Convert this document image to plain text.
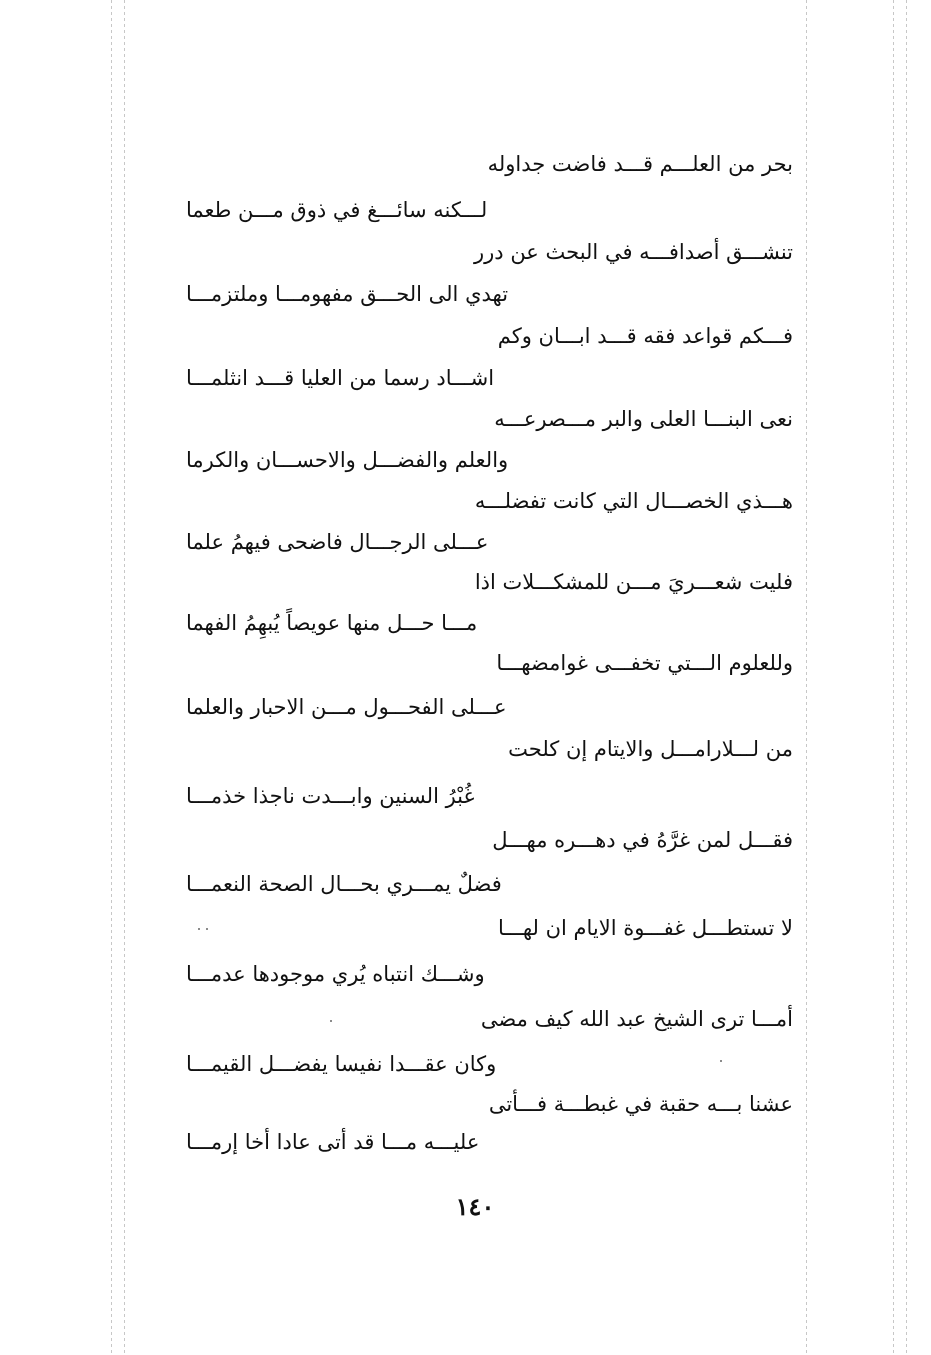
بحر من العلـــم قـــد فاضت جداوله
لـــكنه سائـــغ في ذوق مـــن طعما
تنشـــق أصدافـــه في البحث عن درر
تهدي الى الحـــق مفهومـــا وملتزمـــا
فـــكم قواعد فقه قـــد ابـــان وكم
اشـــاد رسما من العليا قـــد انثلمـــا
نعى البنـــا العلى والبر مـــصرعـــه
والعلم والفضـــل والاحســـان والكرما
هـــذي الخصـــال التي كانت تفضلـــه
عـــلى الرجـــال فاضحى فيهمُ علما
فليت شعـــريَ مـــن للمشكـــلات اذا
مـــا حـــل منها عويصاً يُبهِمُ الفهما
وللعلوم الـــتي تخفـــى غوامضهـــا
عـــلى الفحـــول مـــن الاحبار والعلما
من لـــلارامـــل والايتام إن كلحت
غُبْرُ السنين وابـــدت ناجذا خذمـــا
فقـــل لمن غرَّهُ في دهـــره مهـــل
فضلٌ يمـــري بحـــال الصحة النعمـــا
لا تستطـــل غفـــوة الايام ان لهـــا
وشـــك انتباه يُري موجودها عدمـــا
أمـــا ترى الشيخ عبد الله كيف مضى
وكان عقـــدا نفيسا يفضـــل القيمـــا
عشنا بـــه حقبة في غبطـــة فـــأتى
عليـــه مـــا قد أتى عادا أخا إرمـــا
١٤٠
